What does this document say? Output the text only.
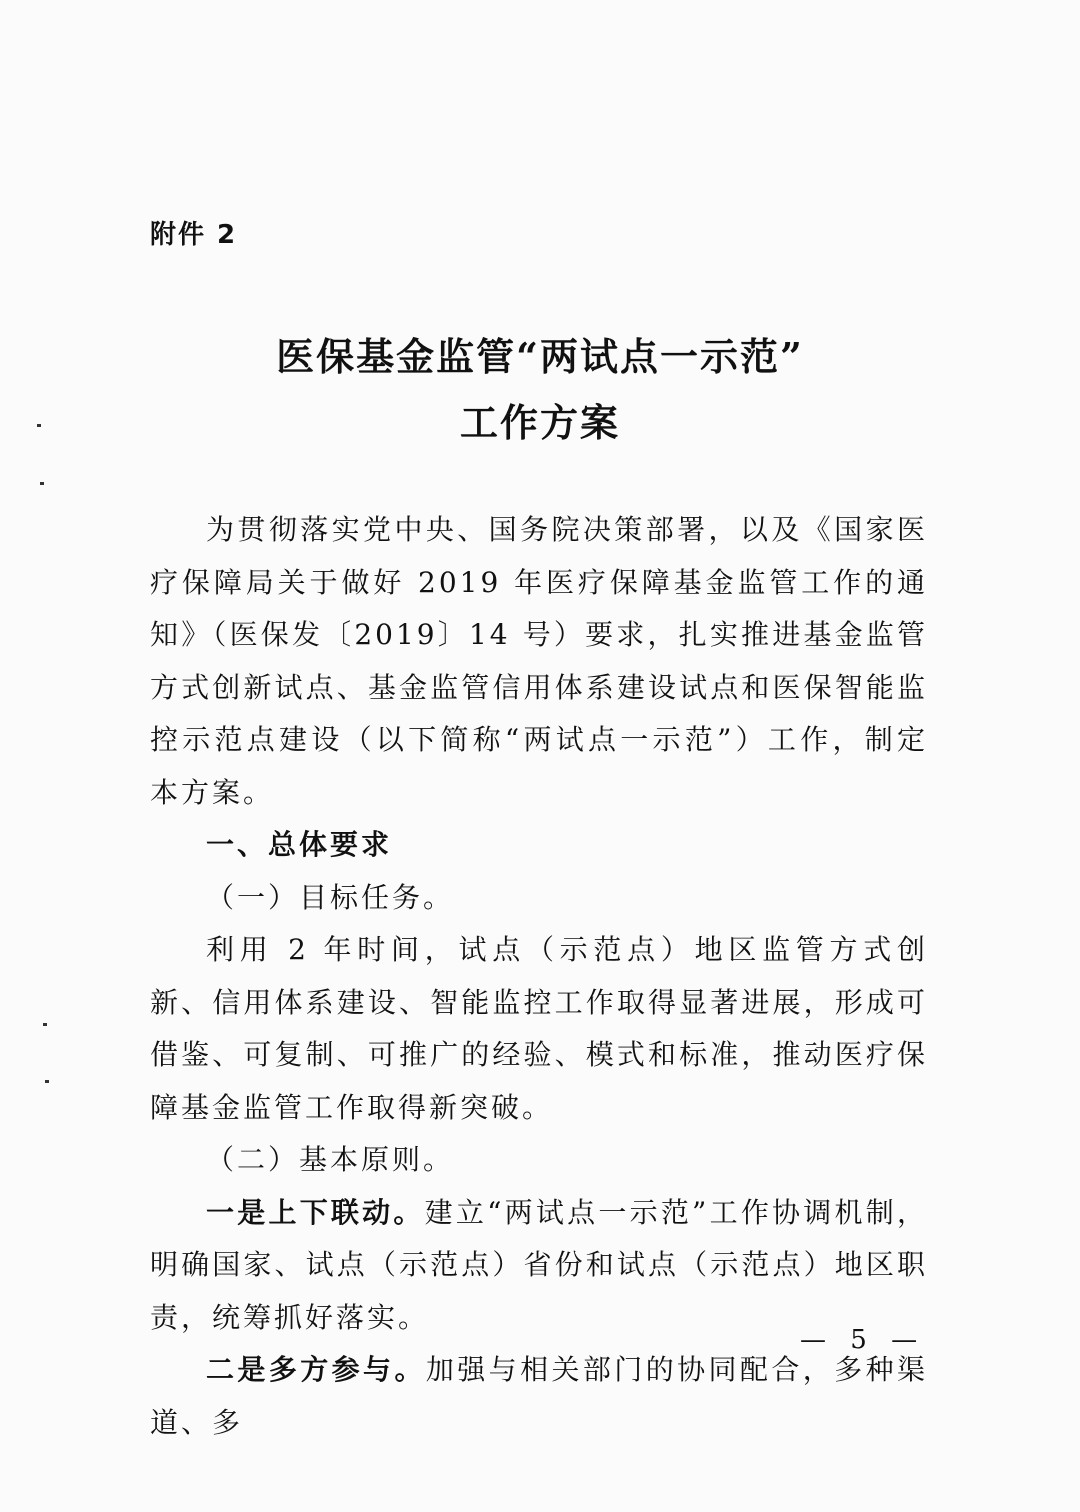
附件 2
医保基金监管“两试点一示范”
工作方案

为贯彻落实党中央、国务院决策部署，以及《国家医疗保障局关于做好 2019 年医疗保障基金监管工作的通知》（医保发〔2019〕14 号）要求，扎实推进基金监管方式创新试点、基金监管信用体系建设试点和医保智能监控示范点建设（以下简称“两试点一示范”）工作，制定本方案。

一、总体要求

（一）目标任务。

利用 2 年时间，试点（示范点）地区监管方式创新、信用体系建设、智能监控工作取得显著进展，形成可借鉴、可复制、可推广的经验、模式和标准，推动医疗保障基金监管工作取得新突破。

（二）基本原则。

一是上下联动。建立“两试点一示范”工作协调机制，明确国家、试点（示范点）省份和试点（示范点）地区职责，统筹抓好落实。

二是多方参与。加强与相关部门的协同配合，多种渠道、多

— 5 —
